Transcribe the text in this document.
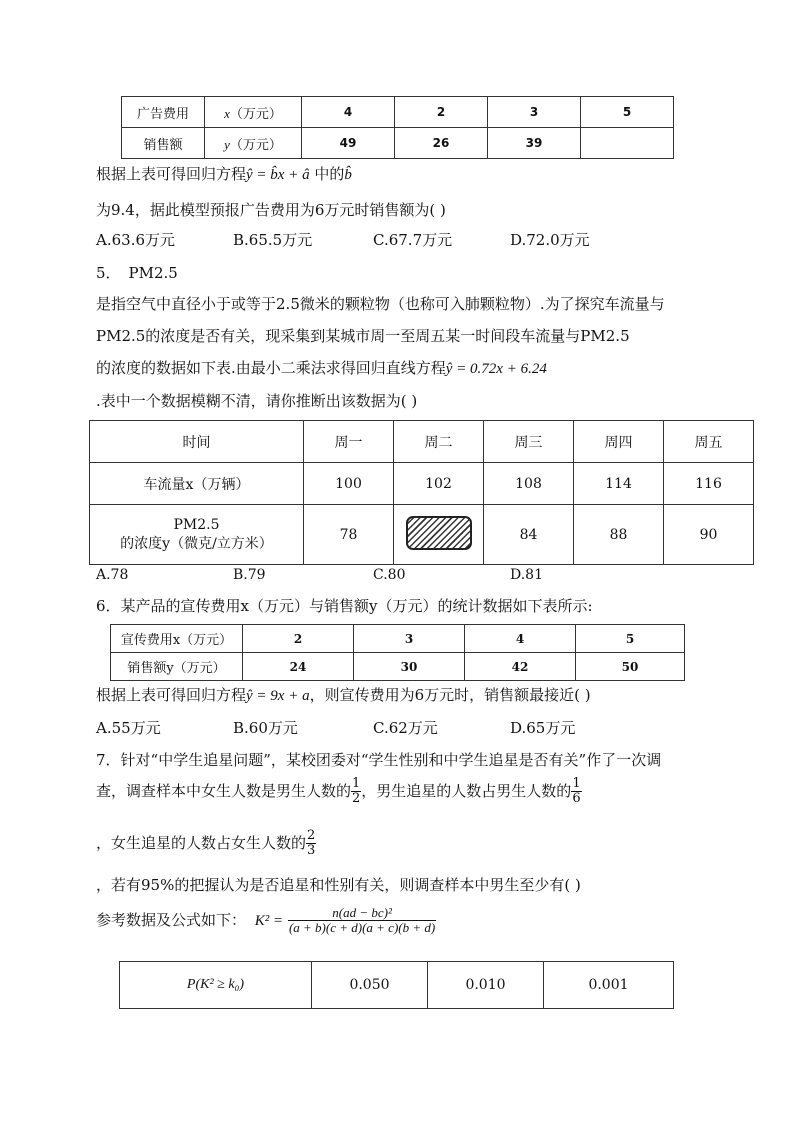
广告费用	x（万元）	4	2	3	5
销售额	y（万元）	49	26	39	
根据上表可得回归方程ŷ = b̂x + â 中的b̂
为9.4，据此模型预报广告费用为6万元时销售额为( )
A.63.6万元	B.65.5万元	C.67.7万元	D.72.0万元
5． PM2.5
是指空气中直径小于或等于2.5微米的颗粒物（也称可入肺颗粒物）.为了探究车流量与
PM2.5的浓度是否有关，现采集到某城市周一至周五某一时间段车流量与PM2.5
的浓度的数据如下表.由最小二乘法求得回归直线方程ŷ = 0.72x + 6.24
.表中一个数据模糊不清，请你推断出该数据为( )
时间	周一	周二	周三	周四	周五
车流量x（万辆）	100	102	108	114	116
PM2.5
的浓度y（微克/立方米）	78		84	88	90
A.78	B.79	C.80	D.81
6．某产品的宣传费用x（万元）与销售额y（万元）的统计数据如下表所示:
宣传费用x（万元）	2	3	4	5
销售额y（万元）	24	30	42	50
根据上表可得回归方程ŷ = 9x + a，则宣传费用为6万元时，销售额最接近( )
A.55万元	B.60万元	C.62万元	D.65万元
7．针对“中学生追星问题”，某校团委对“学生性别和中学生追星是否有关”作了一次调
查，调查样本中女生人数是男生人数的 $\frac{1}{2}$ ，男生追星的人数占男生人数的 $\frac{1}{6}$
，女生追星的人数占女生人数的 $\frac{2}{3}$
，若有95%的把握认为是否追星和性别有关，则调查样本中男生至少有( )
参考数据及公式如下： $K^2 = \frac{\text{n(ad − bc)²}}{(a + b)(c + d)(a + c)(b + d)}$
P(K² ≥ k₀)	0.050	0.010	0.001
